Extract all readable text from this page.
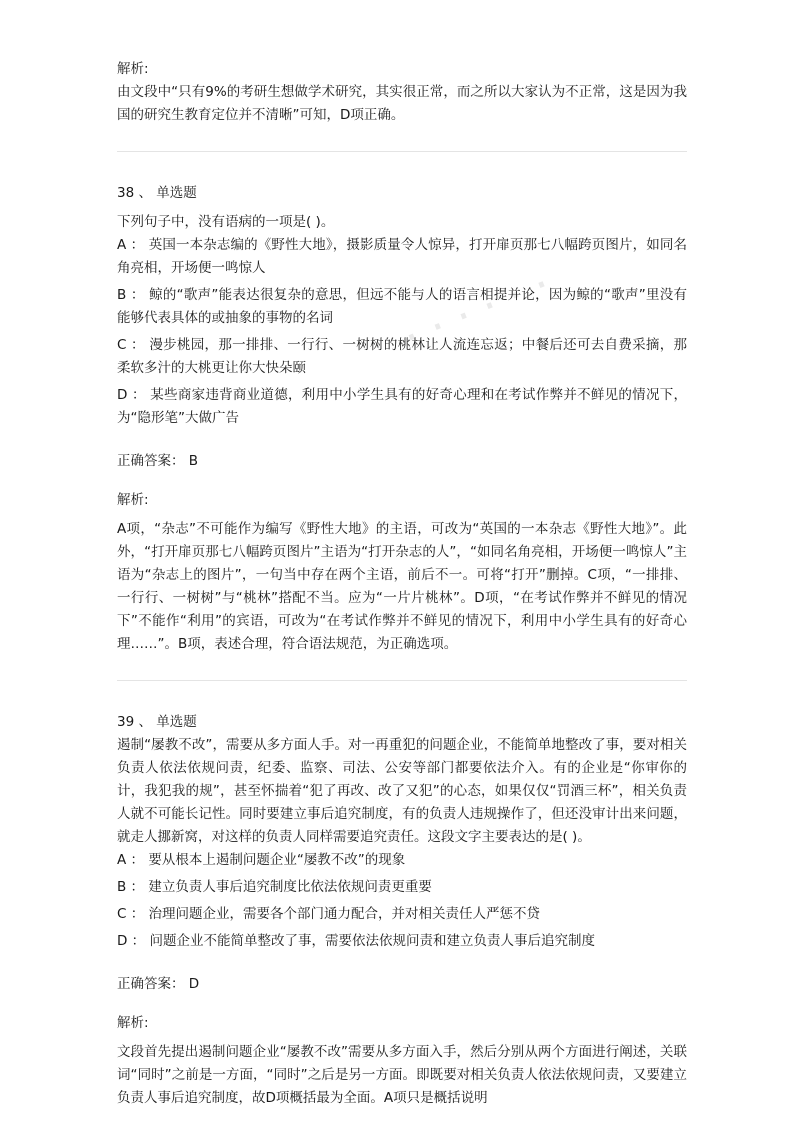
· · · · · ·

解析:

由文段中“只有9%的考研生想做学术研究，其实很正常，而之所以大家认为不正常，这是因为我国的研究生教育定位并不清晰”可知，D项正确。

38 、 单选题

下列句子中，没有语病的一项是( )。

A ： 英国一本杂志编的《野性大地》，摄影质量令人惊异，打开扉页那七八幅跨页图片，如同名角亮相，开场便一鸣惊人

B ： 鲸的“歌声”能表达很复杂的意思，但远不能与人的语言相提并论，因为鲸的“歌声”里没有能够代表具体的或抽象的事物的名词

C ： 漫步桃园，那一排排、一行行、一树树的桃林让人流连忘返；中餐后还可去自费采摘，那柔软多汁的大桃更让你大快朵颐

D ： 某些商家违背商业道德，利用中小学生具有的好奇心理和在考试作弊并不鲜见的情况下，为“隐形笔”大做广告

正确答案： B

解析:

A项，“杂志”不可能作为编写《野性大地》的主语，可改为“英国的一本杂志《野性大地》”。此外，“打开扉页那七八幅跨页图片”主语为“打开杂志的人”，“如同名角亮相，开场便一鸣惊人”主语为“杂志上的图片”，一句当中存在两个主语，前后不一。可将“打开”删掉。C项，“一排排、一行行、一树树”与“桃林”搭配不当。应为“一片片桃林”。D项，“在考试作弊并不鲜见的情况下”不能作“利用”的宾语，可改为“在考试作弊并不鲜见的情况下，利用中小学生具有的好奇心理……”。B项，表述合理，符合语法规范，为正确选项。

39 、 单选题

遏制“屡教不改”，需要从多方面人手。对一再重犯的问题企业，不能简单地整改了事，要对相关负责人依法依规问责，纪委、监察、司法、公安等部门都要依法介入。有的企业是“你审你的计，我犯我的规”，甚至怀揣着“犯了再改、改了又犯”的心态，如果仅仅“罚酒三杯”，相关负责人就不可能长记性。同时要建立事后追究制度，有的负责人违规操作了，但还没审计出来问题，就走人挪新窝，对这样的负责人同样需要追究责任。这段文字主要表达的是( )。

A ： 要从根本上遏制问题企业“屡教不改”的现象

B ： 建立负责人事后追究制度比依法依规问责更重要

C ： 治理问题企业，需要各个部门通力配合，并对相关责任人严惩不贷

D ： 问题企业不能简单整改了事，需要依法依规问责和建立负责人事后追究制度

正确答案： D

解析:

文段首先提出遏制问题企业“屡教不改”需要从多方面入手，然后分别从两个方面进行阐述，关联词“同时”之前是一方面，“同时”之后是另一方面。即既要对相关负责人依法依规问责，又要建立负责人事后追究制度，故D项概括最为全面。A项只是概括说明
